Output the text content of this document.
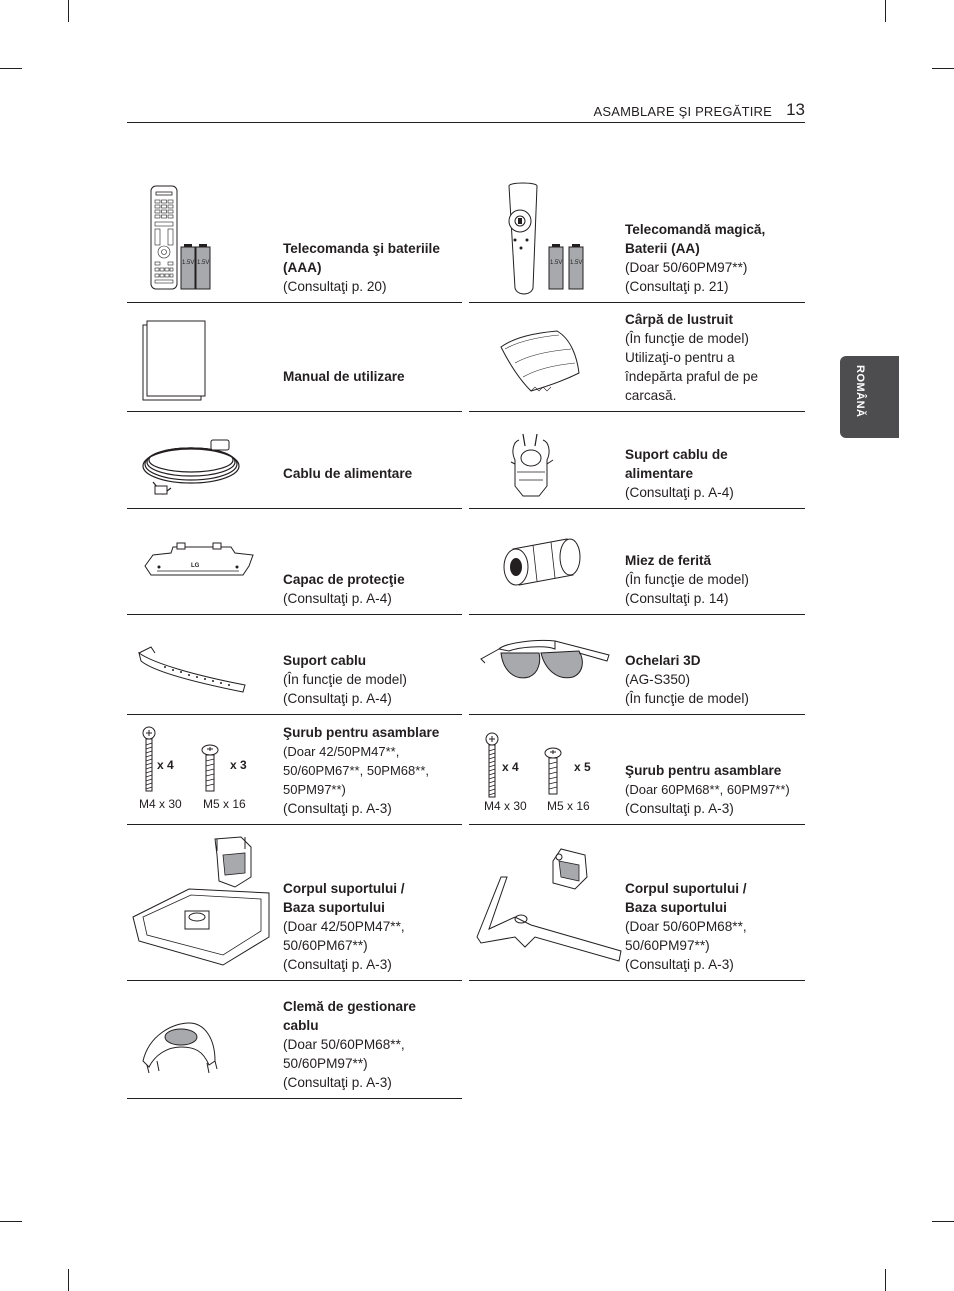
ASAMBLARE ŞI PREGĂTIRE 13
ROMÂNĂ
1.5V 1.5V
Telecomanda şi bateriile
(AAA)
(Consultaţi p. 20)
Manual de utilizare
Cablu de alimentare
LG
Capac de protecţie
(Consultaţi p. A-4)
Suport cablu
(În funcţie de model)
(Consultaţi p. A-4)
x 4	x 3
M4 x 30 M5 x 16
Şurub pentru asamblare
(Doar 42/50PM47**,
50/60PM67**, 50PM68**,
50PM97**)
(Consultaţi p. A-3)
Corpul suportului /
Baza suportului
(Doar 42/50PM47**,
50/60PM67**)
(Consultaţi p. A-3)
Clemă de gestionare
cablu
(Doar 50/60PM68**,
50/60PM97**)
(Consultaţi p. A-3)
1.5V 1.5V
Telecomandă magică,
Baterii (AA)
(Doar 50/60PM97**)
(Consultaţi p. 21)
Cârpă de lustruit
(În funcţie de model)
Utilizaţi-o pentru a
îndepărta praful de pe
carcasă.
Suport cablu de
alimentare
(Consultaţi p. A-4)
Miez de ferită
(În funcţie de model)
(Consultaţi p. 14)
Ochelari 3D
(AG-S350)
(În funcţie de model)
x 4	x 5
M4 x 30 M5 x 16
Şurub pentru asamblare
(Doar 60PM68**, 60PM97**)
(Consultaţi p. A-3)
Corpul suportului /
Baza suportului
(Doar 50/60PM68**,
50/60PM97**)
(Consultaţi p. A-3)
